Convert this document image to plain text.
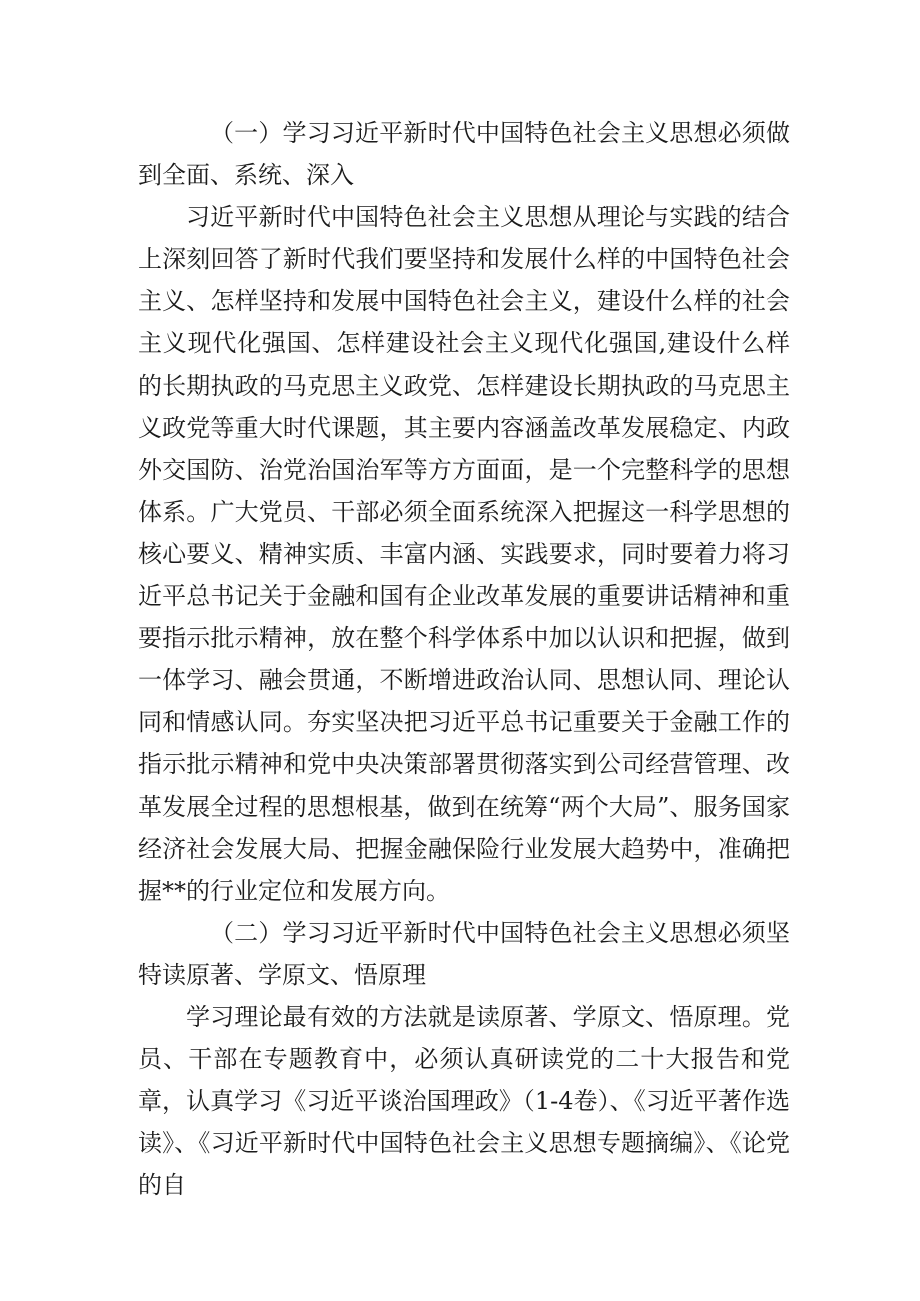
（一）学习习近平新时代中国特色社会主义思想必须做到全面、系统、深入

习近平新时代中国特色社会主义思想从理论与实践的结合上深刻回答了新时代我们要坚持和发展什么样的中国特色社会主义、怎样坚持和发展中国特色社会主义，建设什么样的社会主义现代化强国、怎样建设社会主义现代化强国,建设什么样的长期执政的马克思主义政党、怎样建设长期执政的马克思主义政党等重大时代课题，其主要内容涵盖改革发展稳定、内政外交国防、治党治国治军等方方面面，是一个完整科学的思想体系。广大党员、干部必须全面系统深入把握这一科学思想的核心要义、精神实质、丰富内涵、实践要求，同时要着力将习近平总书记关于金融和国有企业改革发展的重要讲话精神和重要指示批示精神，放在整个科学体系中加以认识和把握，做到一体学习、融会贯通，不断增进政治认同、思想认同、理论认同和情感认同。夯实坚决把习近平总书记重要关于金融工作的指示批示精神和党中央决策部署贯彻落实到公司经营管理、改革发展全过程的思想根基，做到在统筹“两个大局”、服务国家经济社会发展大局、把握金融保险行业发展大趋势中，准确把握**的行业定位和发展方向。

（二）学习习近平新时代中国特色社会主义思想必须坚特读原著、学原文、悟原理

学习理论最有效的方法就是读原著、学原文、悟原理。党员、干部在专题教育中，必须认真研读党的二十大报告和党章，认真学习《习近平谈治国理政》（1-4卷）、《习近平著作选读》、《习近平新时代中国特色社会主义思想专题摘编》、《论党的自
